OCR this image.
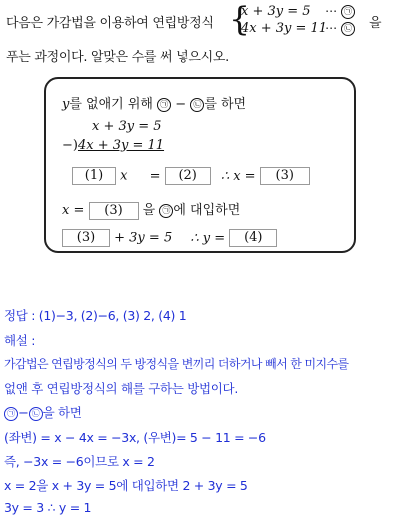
다음은 가감법을 이용하여 연립방정식 {
x + 3y = 5 ⋯ ㉠
4x + 3y = 11
⋯ ㉡ 을
푸는 과정이다. 알맞은 수를 써 넣으시오.
y를 없애기 위해 ㉠ − ㉡ 를 하면
x + 3y = 5
−)4x + 3y = 11
(1) x = (2) ∴ x = (3)
x = (3) 을 ㉠ 에 대입하면
(3) + 3y = 5 ∴ y = (4)
정답 : (1)−3, (2)−6, (3) 2, (4) 1
해설 :
가감법은 연립방정식의 두 방정식을 변끼리 더하거나 빼서 한 미지수를
없앤 후 연립방정식의 해를 구하는 방법이다.
㉠ − ㉡ 을 하면
(좌변) = x − 4x = −3x, (우변)= 5 − 11 = −6
즉, −3x = −6이므로 x = 2
x = 2을 x + 3y = 5에 대입하면 2 + 3y = 5
3y = 3 ∴ y = 1
